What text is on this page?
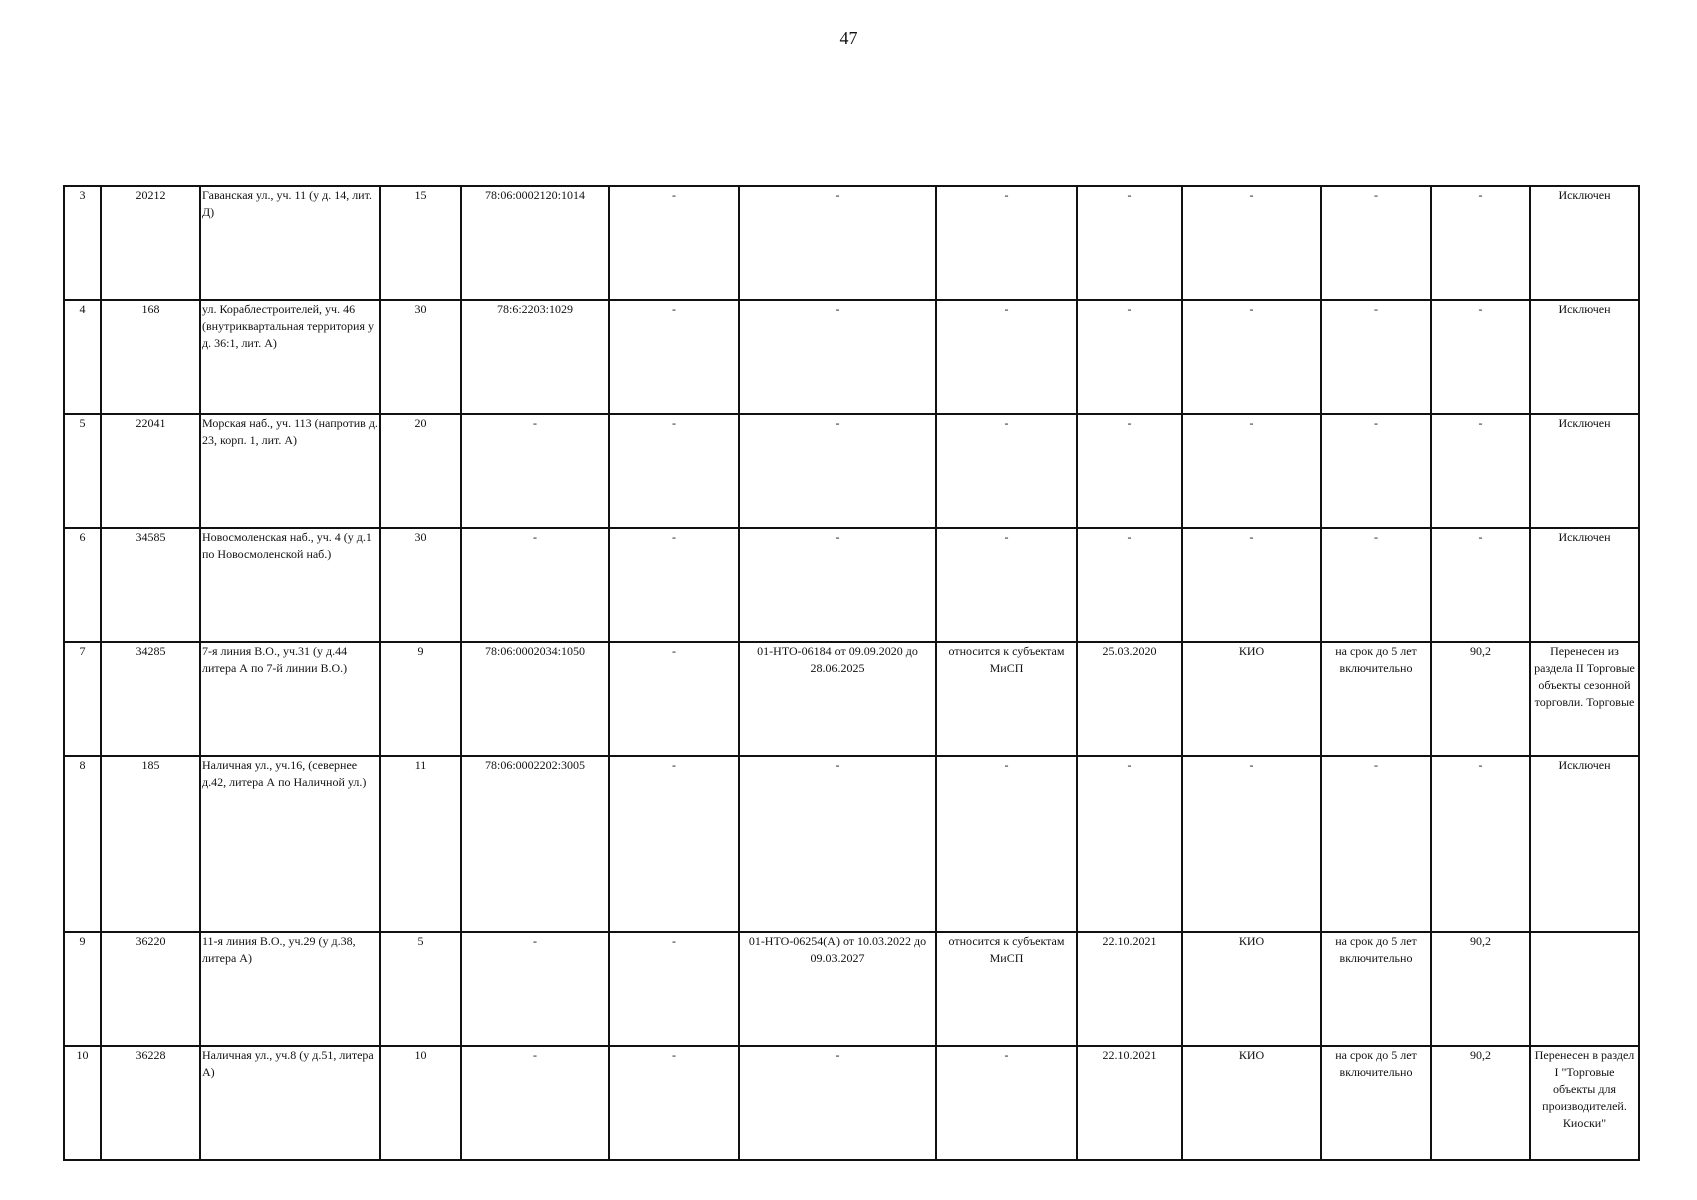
47
3	20212	Гаванская ул., уч. 11 (у д. 14, лит. Д)	15	78:06:0002120:1014	-	-	-	-	-	-	-	Исключен
4	168	ул. Кораблестроителей, уч. 46 (внутриквартальная территория у д. 36:1, лит. А)	30	78:6:2203:1029	-	-	-	-	-	-	-	Исключен
5	22041	Морская наб., уч. 113 (напротив д. 23, корп. 1, лит. А)	20	-	-	-	-	-	-	-	-	Исключен
6	34585	Новосмоленская наб., уч. 4 (у д.1 по Новосмоленской наб.)	30	-	-	-	-	-	-	-	-	Исключен
7	34285	7-я линия В.О., уч.31 (у д.44 литера А по 7-й линии В.О.)	9	78:06:0002034:1050	-	01-НТО-06184 от 09.09.2020 до 28.06.2025	относится к субъектам МиСП	25.03.2020	КИО	на срок до 5 лет включительно	90,2	Перенесен из раздела II Торговые объекты сезонной торговли. Торговые
8	185	Наличная ул., уч.16, (севернее д.42, литера А по Наличной ул.)	11	78:06:0002202:3005	-	-	-	-	-	-	-	Исключен
9	36220	11-я линия В.О., уч.29 (у д.38, литера А)	5	-	-	01-НТО-06254(А) от 10.03.2022 до 09.03.2027	относится к субъектам МиСП	22.10.2021	КИО	на срок до 5 лет включительно	90,2	
10	36228	Наличная ул., уч.8 (у д.51, литера А)	10	-	-	-	-	22.10.2021	КИО	на срок до 5 лет включительно	90,2	Перенесен в раздел I "Торговые объекты для производителей. Киоски"
